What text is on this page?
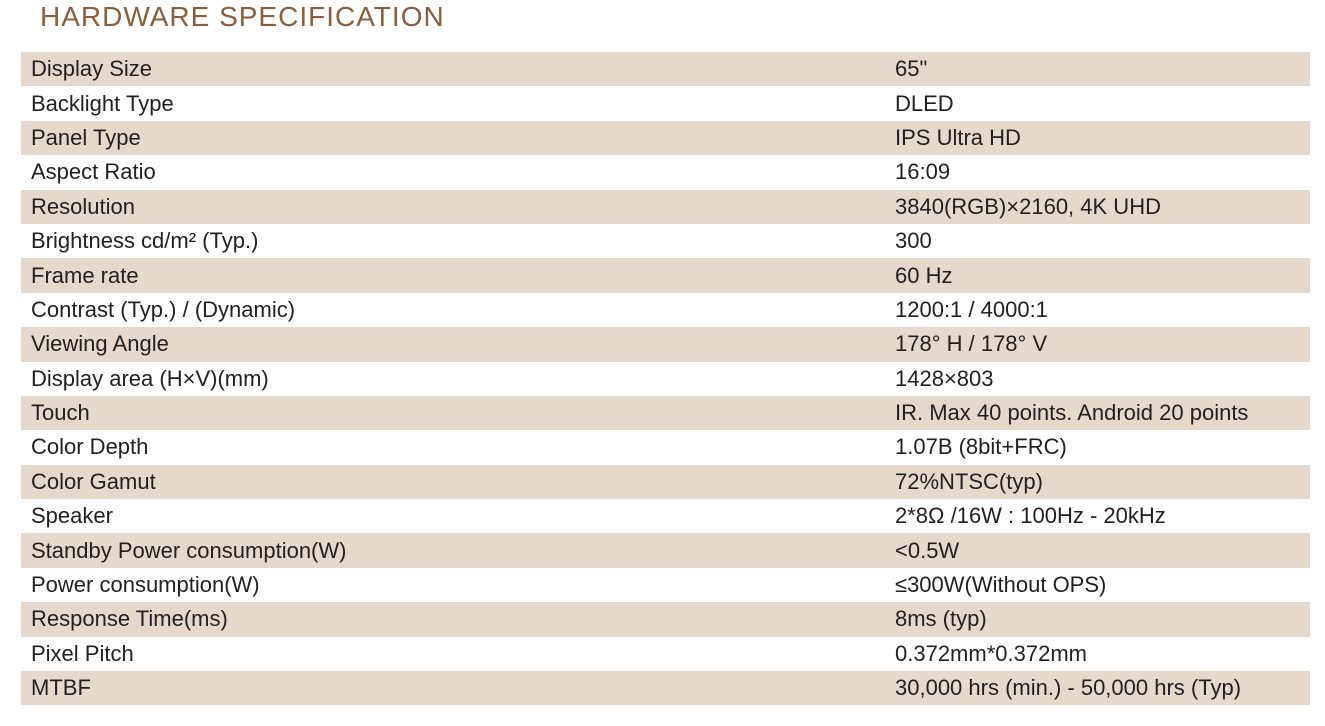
HARDWARE SPECIFICATION
Display Size	65"
Backlight Type	DLED
Panel Type	IPS Ultra HD
Aspect Ratio	16:09
Resolution	3840(RGB)×2160, 4K UHD
Brightness cd/m² (Typ.)	300
Frame rate	60 Hz
Contrast (Typ.) / (Dynamic)	1200:1 / 4000:1
Viewing Angle	178° H / 178° V
Display area (H×V)(mm)	1428×803
Touch	IR. Max 40 points. Android 20 points
Color Depth	1.07B (8bit+FRC)
Color Gamut	72%NTSC(typ)
Speaker	2*8Ω /16W : 100Hz - 20kHz
Standby Power consumption(W)	<0.5W
Power consumption(W)	≤300W(Without OPS)
Response Time(ms)	8ms (typ)
Pixel Pitch	0.372mm*0.372mm
MTBF	30,000 hrs (min.) - 50,000 hrs (Typ)
